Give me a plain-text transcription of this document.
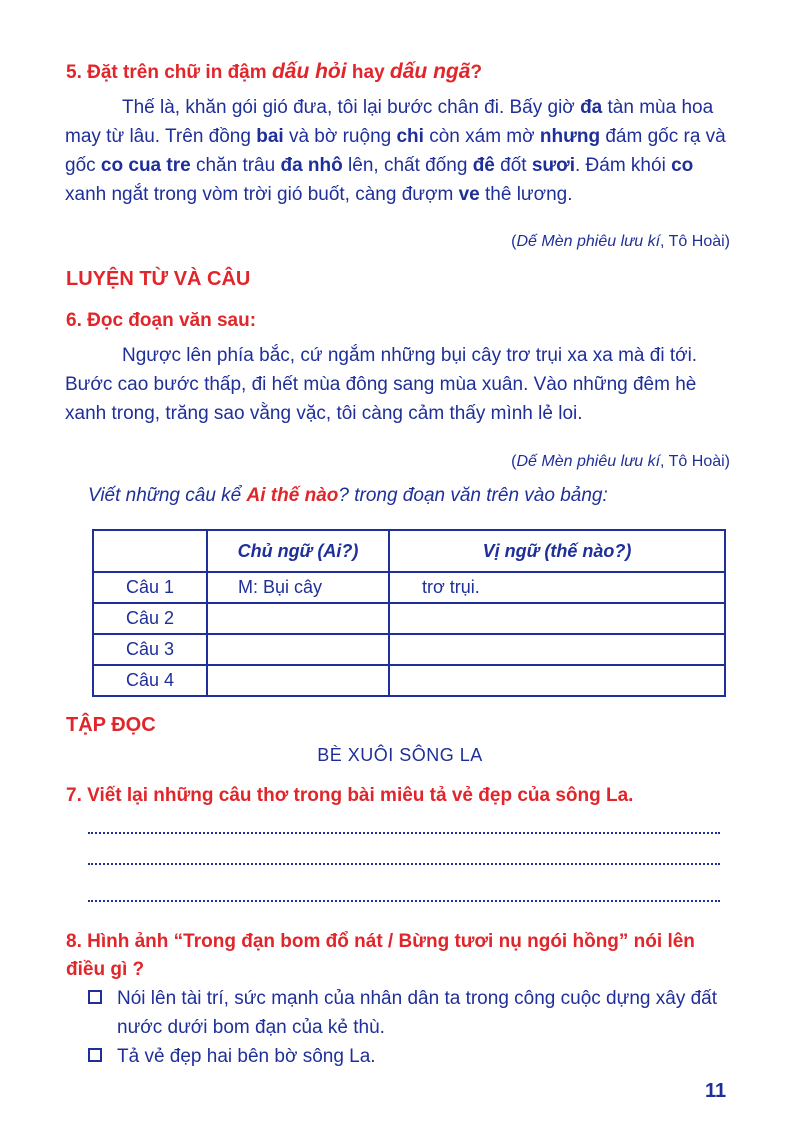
5. Đặt trên chữ in đậm dấu hỏi hay dấu ngã?
Thế là, khăn gói gió đưa, tôi lại bước chân đi. Bấy giờ đa tàn mùa hoa may từ lâu. Trên đồng bai và bờ ruộng chi còn xám mờ nhưng đám gốc rạ và gốc co cua tre chăn trâu đa nhô lên, chất đống đê đốt sươi. Đám khói co xanh ngắt trong vòm trời gió buốt, càng đượm ve thê lương.
(Dế Mèn phiêu lưu kí, Tô Hoài)
LUYỆN TỪ VÀ CÂU
6. Đọc đoạn văn sau:
Ngược lên phía bắc, cứ ngắm những bụi cây trơ trụi xa xa mà đi tới. Bước cao bước thấp, đi hết mùa đông sang mùa xuân. Vào những đêm hè xanh trong, trăng sao vằng vặc, tôi càng cảm thấy mình lẻ loi.
(Dế Mèn phiêu lưu kí, Tô Hoài)
Viết những câu kể Ai thế nào? trong đoạn văn trên vào bảng:
	Chủ ngữ (Ai?)	Vị ngữ (thế nào?)
Câu 1	M: Bụi cây	trơ trụi.
Câu 2		
Câu 3		
Câu 4		
TẬP ĐỌC
BÈ XUÔI SÔNG LA
7. Viết lại những câu thơ trong bài miêu tả vẻ đẹp của sông La.
8. Hình ảnh “Trong đạn bom đổ nát / Bừng tươi nụ ngói hồng” nói lên
điều gì ?
Nói lên tài trí, sức mạnh của nhân dân ta trong công cuộc dựng xây đất nước dưới bom đạn của kẻ thù.
Tả vẻ đẹp hai bên bờ sông La.
11
